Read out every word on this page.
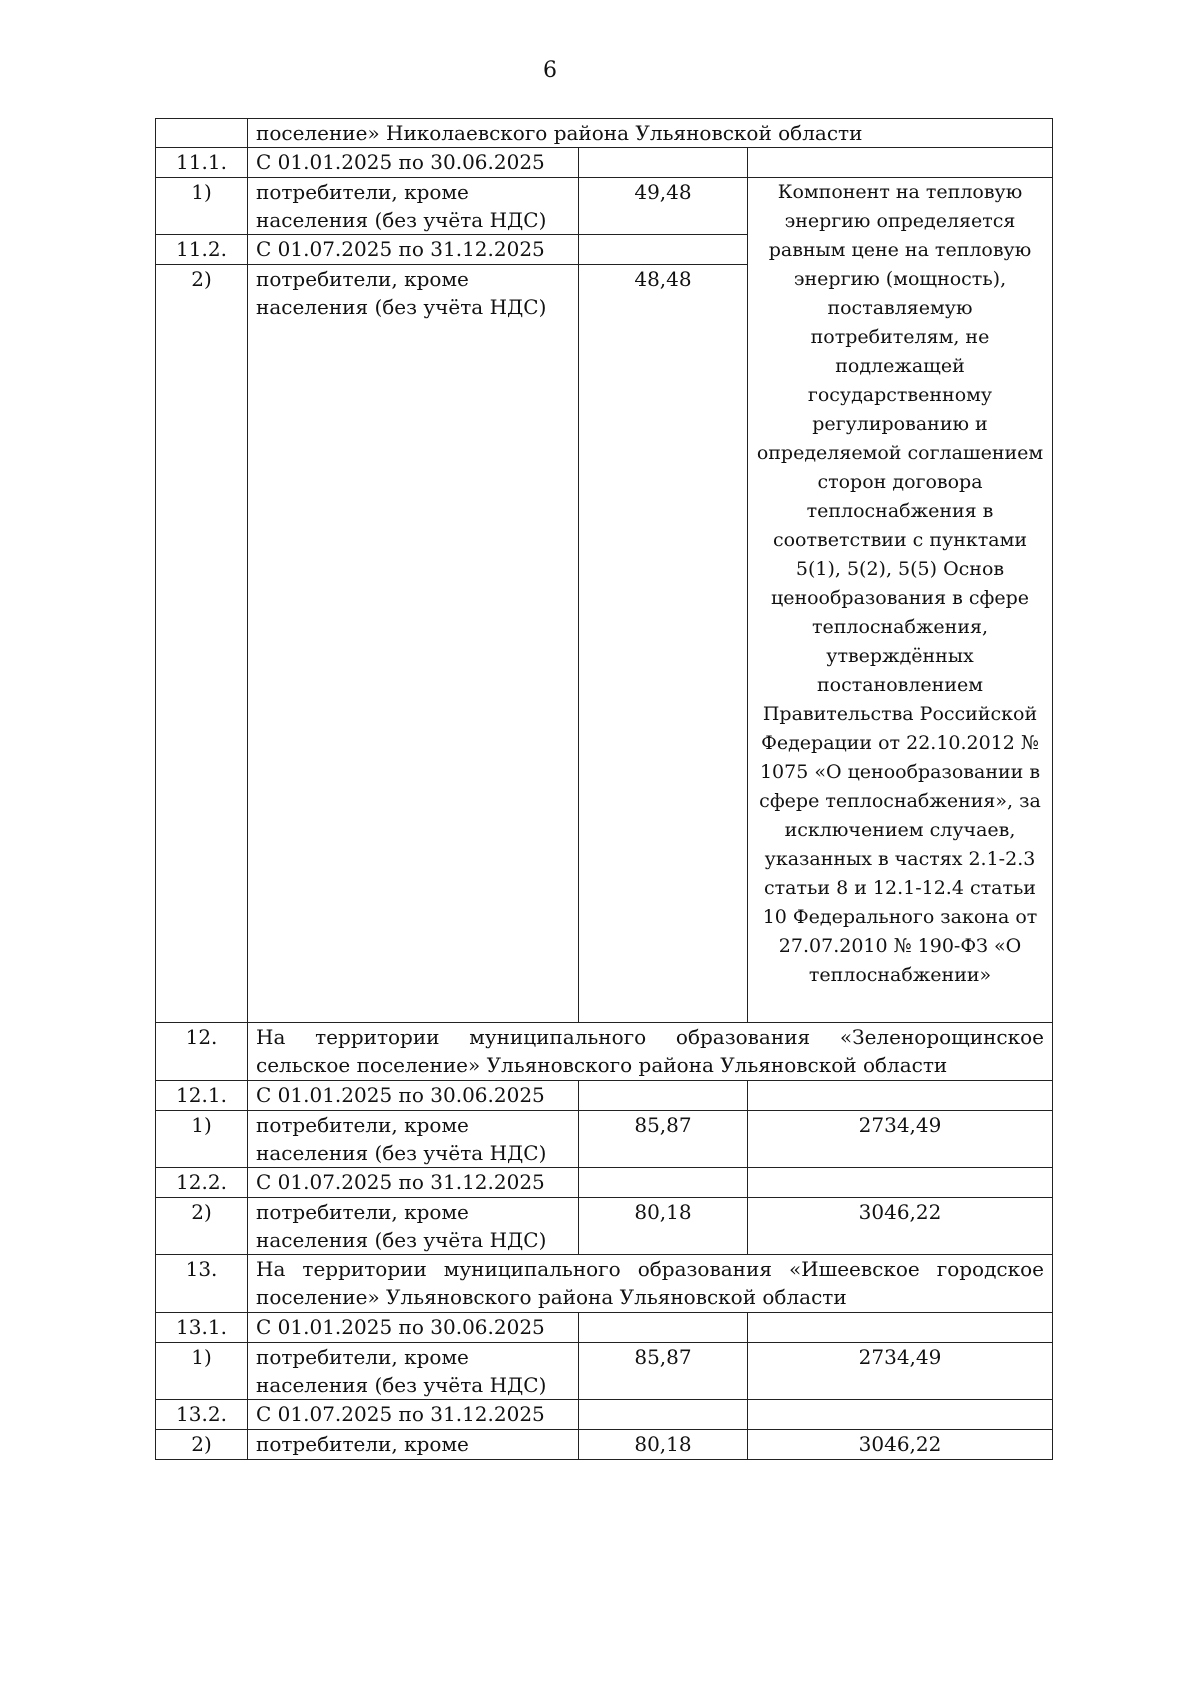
6
	поселение» Николаевского района Ульяновской области		
11.1.	С 01.01.2025 по 30.06.2025		
1)	потребители, кроме населения (без учёта НДС)	49,48	Компонент на тепловую энергию определяется равным цене на тепловую энергию (мощность), поставляемую потребителям, не подлежащей государственному регулированию и определяемой соглашением сторон договора теплоснабжения в соответствии с пунктами 5(1), 5(2), 5(5) Основ ценообразования в сфере теплоснабжения, утверждённых постановлением Правительства Российской Федерации от 22.10.2012 № 1075 «О ценообразовании в сфере теплоснабжения», за исключением случаев, указанных в частях 2.1-2.3 статьи 8 и 12.1-12.4 статьи 10 Федерального закона от 27.07.2010 № 190-ФЗ «О теплоснабжении»
11.2.	С 01.07.2025 по 31.12.2025		
2)	потребители, кроме населения (без учёта НДС)	48,48	
12.	На территории муниципального образования «Зеленорощинское сельское поселение» Ульяновского района Ульяновской области		
12.1.	С 01.01.2025 по 30.06.2025		
1)	потребители, кроме населения (без учёта НДС)	85,87	2734,49
12.2.	С 01.07.2025 по 31.12.2025		
2)	потребители, кроме населения (без учёта НДС)	80,18	3046,22
13.	На территории муниципального образования «Ишеевское городское поселение» Ульяновского района Ульяновской области		
13.1.	С 01.01.2025 по 30.06.2025		
1)	потребители, кроме населения (без учёта НДС)	85,87	2734,49
13.2.	С 01.07.2025 по 31.12.2025		
2)	потребители, кроме	80,18	3046,22
